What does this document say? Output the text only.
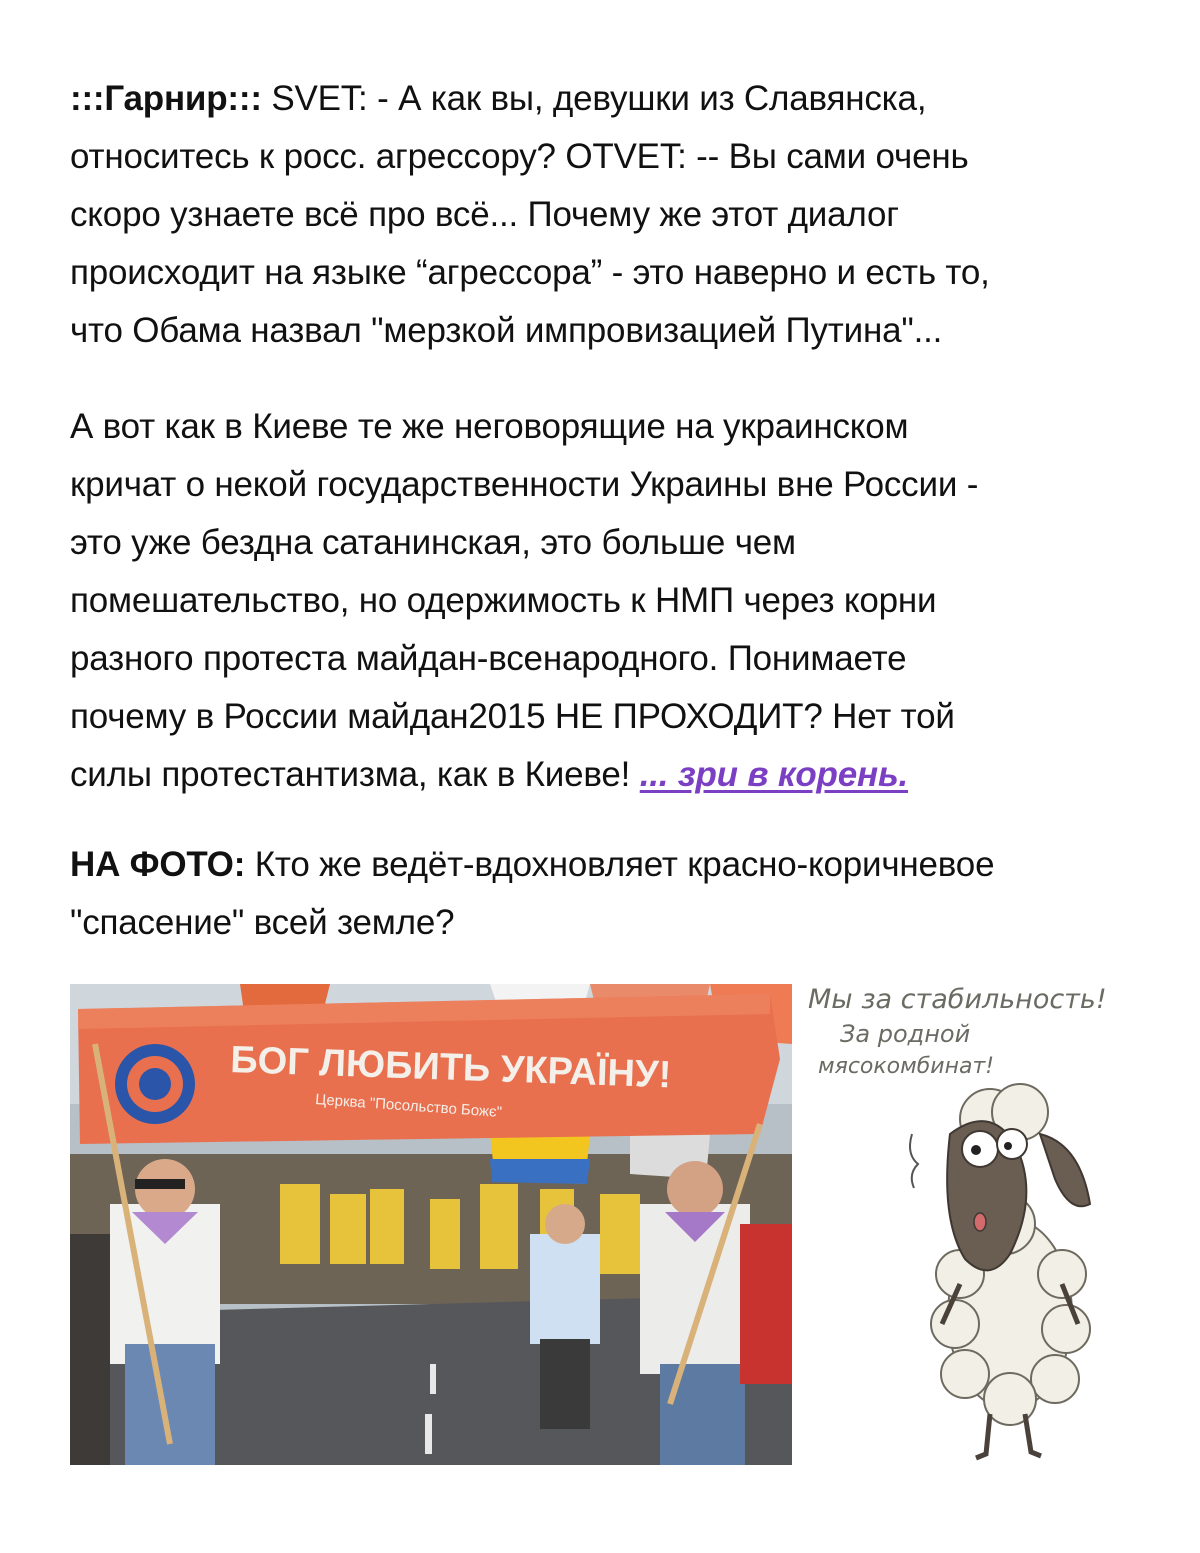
:::Гарнир::: SVET: - А как вы, девушки из Славянска,
относитесь к росс. агрессору? OTVET: -- Вы сами очень
скоро узнаете всё про всё... Почему же этот диалог
происходит на языке “агрессора” - это наверно и есть то,
что Обама назвал "мерзкой импровизацией Путина"...
А вот как в Киеве те же неговорящие на украинском
кричат о некой государственности Украины вне России -
это уже бездна сатанинская, это больше чем
помешательство, но одержимость к НМП через корни
разного протеста майдан-всенародного. Понимаете
почему в России майдан2015 НЕ ПРОХОДИТ? Нет той
силы протестантизма, как в Киеве! ... зри в корень.
НА ФОТО: Кто же ведёт-вдохновляет красно-коричневое
"спасение" всей земле?
БОГ ЛЮБИТЬ УКРАЇНУ!
Церква "Посольство Божє"
Мы за стабильность!
За родной
мясокомбинат!
